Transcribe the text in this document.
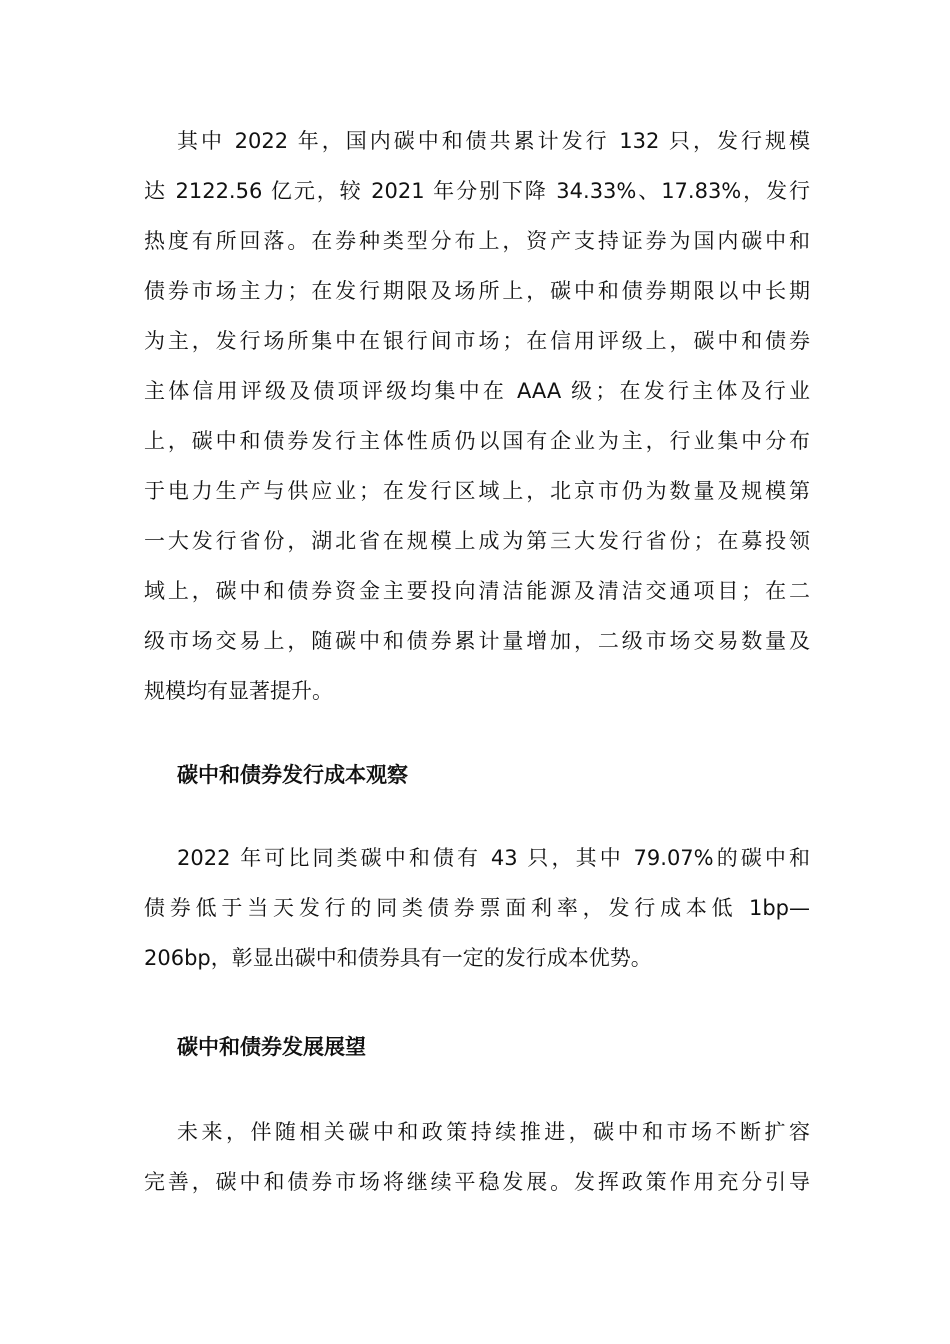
其中 2022 年，国内碳中和债共累计发行 132 只，发行规模
达 2122.56 亿元，较 2021 年分别下降 34.33%、17.83%，发行
热度有所回落。在券种类型分布上，资产支持证券为国内碳中和
债券市场主力；在发行期限及场所上，碳中和债券期限以中长期
为主，发行场所集中在银行间市场；在信用评级上，碳中和债券
主体信用评级及债项评级均集中在 AAA 级；在发行主体及行业
上，碳中和债券发行主体性质仍以国有企业为主，行业集中分布
于电力生产与供应业；在发行区域上，北京市仍为数量及规模第
一大发行省份，湖北省在规模上成为第三大发行省份；在募投领
域上，碳中和债券资金主要投向清洁能源及清洁交通项目；在二
级市场交易上，随碳中和债券累计量增加，二级市场交易数量及
规模均有显著提升。
碳中和债券发行成本观察
2022 年可比同类碳中和债有 43 只，其中 79.07%的碳中和
债券低于当天发行的同类债券票面利率，发行成本低 1bp—
206bp，彰显出碳中和债券具有一定的发行成本优势。
碳中和债券发展展望
未来，伴随相关碳中和政策持续推进，碳中和市场不断扩容
完善，碳中和债券市场将继续平稳发展。发挥政策作用充分引导
